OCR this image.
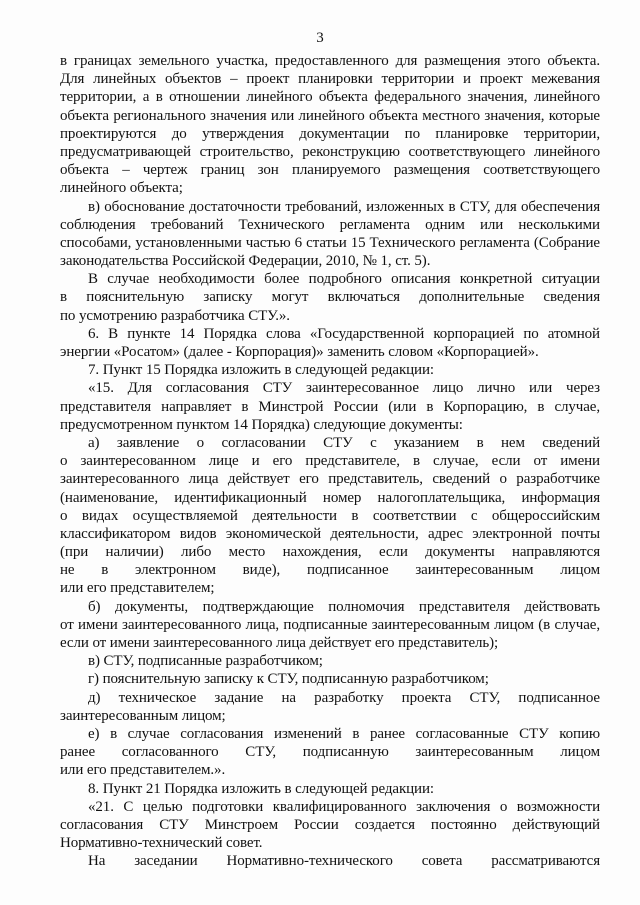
3
в границах земельного участка, предоставленного для размещения этого объекта.
Для линейных объектов – проект планировки территории и проект межевания
территории, а в отношении линейного объекта федерального значения, линейного
объекта регионального значения или линейного объекта местного значения, которые
проектируются до утверждения документации по планировке территории,
предусматривающей строительство, реконструкцию соответствующего линейного
объекта – чертеж границ зон планируемого размещения соответствующего
линейного объекта;
в) обоснование достаточности требований, изложенных в СТУ, для обеспечения
соблюдения требований Технического регламента одним или несколькими
способами, установленными частью 6 статьи 15 Технического регламента (Собрание
законодательства Российской Федерации, 2010, № 1, ст. 5).
В случае необходимости более подробного описания конкретной ситуации
в пояснительную записку могут включаться дополнительные сведения
по усмотрению разработчика СТУ.».
6. В пункте 14 Порядка слова «Государственной корпорацией по атомной
энергии «Росатом» (далее - Корпорация)» заменить словом «Корпорацией».
7. Пункт 15 Порядка изложить в следующей редакции:
«15. Для согласования СТУ заинтересованное лицо лично или через
представителя направляет в Минстрой России (или в Корпорацию, в случае,
предусмотренном пунктом 14 Порядка) следующие документы:
а) заявление о согласовании СТУ с указанием в нем сведений
о заинтересованном лице и его представителе, в случае, если от имени
заинтересованного лица действует его представитель, сведений о разработчике
(наименование, идентификационный номер налогоплательщика, информация
о видах осуществляемой деятельности в соответствии с общероссийским
классификатором видов экономической деятельности, адрес электронной почты
(при наличии) либо место нахождения, если документы направляются
не в электронном виде), подписанное заинтересованным лицом
или его представителем;
б) документы, подтверждающие полномочия представителя действовать
от имени заинтересованного лица, подписанные заинтересованным лицом (в случае,
если от имени заинтересованного лица действует его представитель);
в) СТУ, подписанные разработчиком;
г) пояснительную записку к СТУ, подписанную разработчиком;
д) техническое задание на разработку проекта СТУ, подписанное
заинтересованным лицом;
е) в случае согласования изменений в ранее согласованные СТУ копию
ранее согласованного СТУ, подписанную заинтересованным лицом
или его представителем.».
8. Пункт 21 Порядка изложить в следующей редакции:
«21. С целью подготовки квалифицированного заключения о возможности
согласования СТУ Минстроем России создается постоянно действующий
Нормативно-технический совет.
На заседании Нормативно-технического совета рассматриваются
